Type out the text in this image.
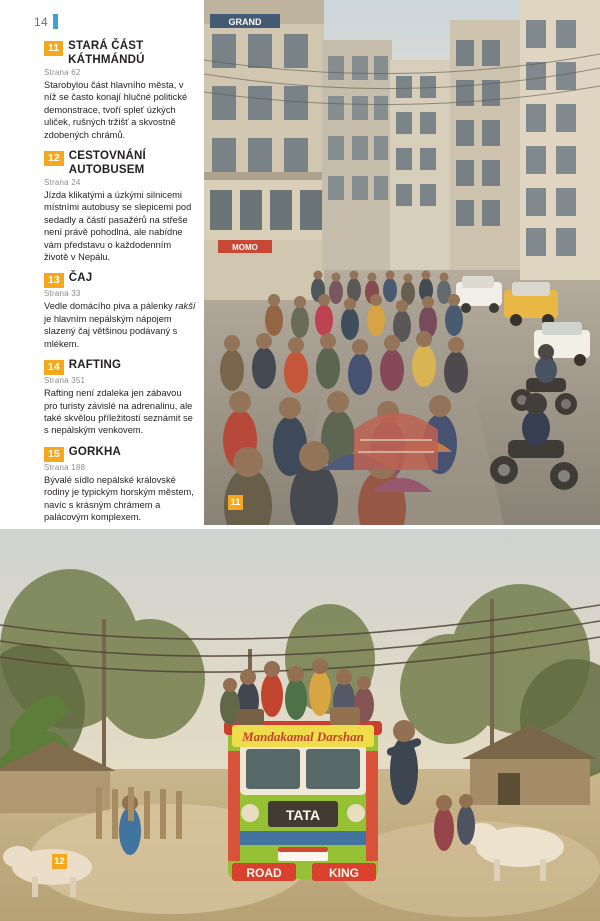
14
11 STARÁ ČÁST KÁTHMÁNDÚ
Strana 62
Starobylou část hlavního města, v níž se často konají hlučné politické demonstrace, tvoří spleť úzkých uliček, rušných tržišť a skvostně zdobených chrámů.
12 CESTOVNÁNÍ AUTOBUSEM
Strana 24
Jízda klikatými a úzkými silnicemi místními autobusy se slepicemi pod sedadly a částí pasažérů na střeše není právě pohodlná, ale nabídne vám představu o každodenním životě v Nepálu.
13 ČAJ
Strana 33
Vedle domácího piva a pálenky rakší je hlavním nepálským nápojem slazený čaj většinou podávaný s mlékem.
14 RAFTING
Strana 351
Rafting není zdaleka jen zábavou pro turisty závislé na adrenalinu, ale také skvělou příležitostí seznámit se s nepálským venkovem.
15 GORKHA
Strana 188
Bývalé sídlo nepálské královské rodiny je typickým horským městem, navíc s krásným chrámem a palácovým komplexem.
GRAND
MOMO
11
Mandakamal Darshan
TATA
ROAD	KING
12
